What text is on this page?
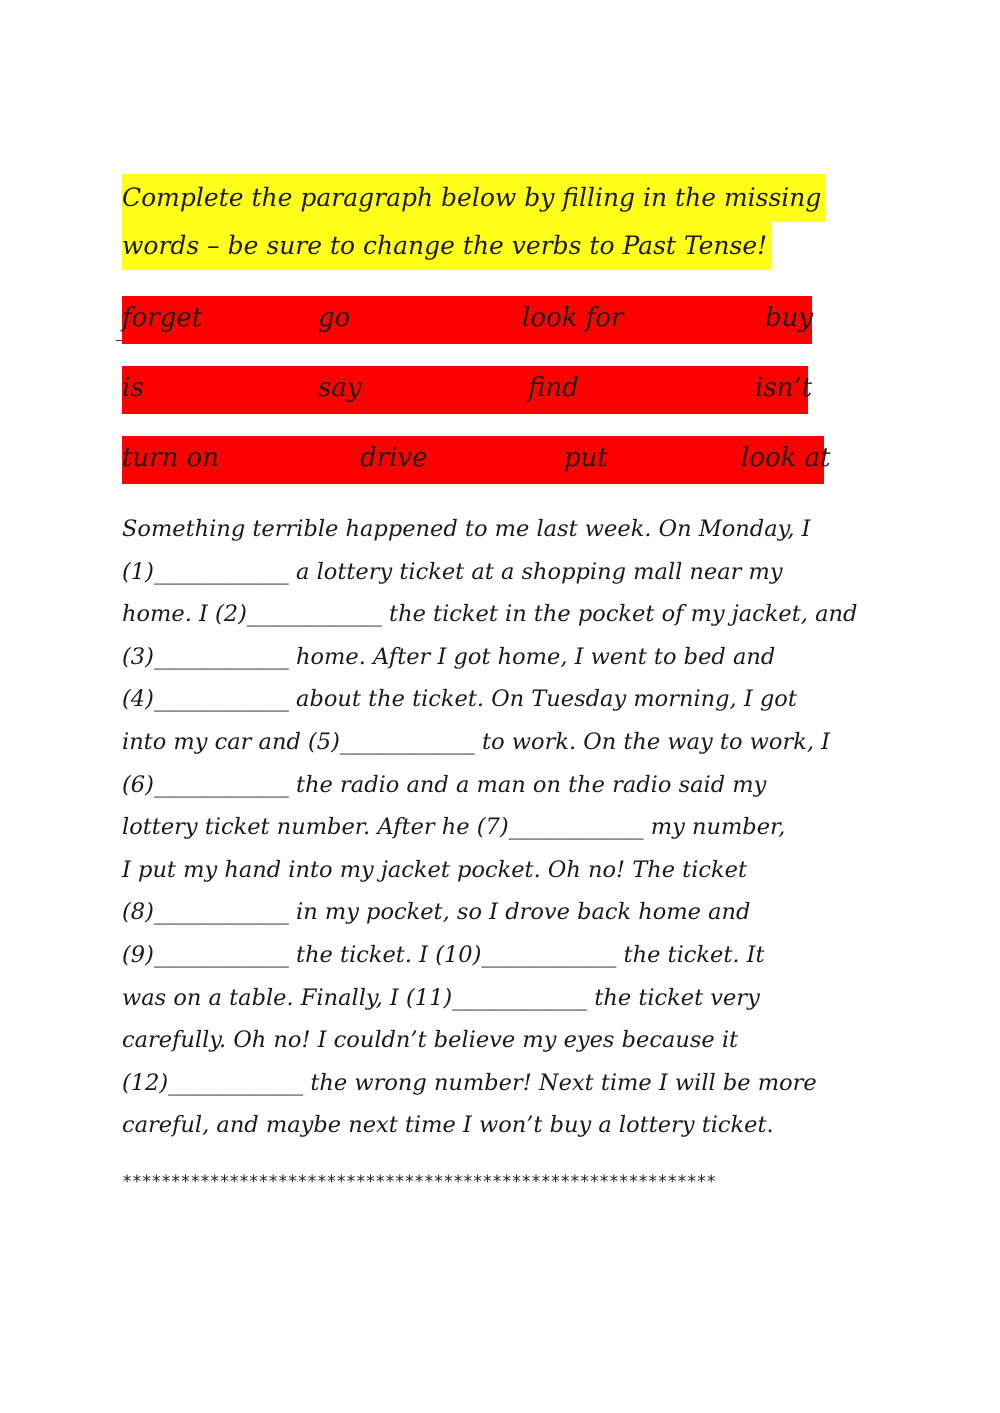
Complete the paragraph below by filling in the missing
words – be sure to change the verbs to Past Tense!
forget	go	look for	buy
is	say	find	isn’t
turn on	drive	put	look at
Something terrible happened to me last week. On Monday, I
(1)____________ a lottery ticket at a shopping mall near my
home. I (2)____________ the ticket in the pocket of my jacket, and
(3)____________ home. After I got home, I went to bed and
(4)____________ about the ticket. On Tuesday morning, I got
into my car and (5)____________ to work. On the way to work, I
(6)____________ the radio and a man on the radio said my
lottery ticket number. After he (7)____________ my number,
I put my hand into my jacket pocket. Oh no! The ticket
(8)____________ in my pocket, so I drove back home and
(9)____________ the ticket. I (10)____________ the ticket. It
was on a table. Finally, I (11)____________ the ticket very
carefully. Oh no! I couldn’t believe my eyes because it
(12)____________ the wrong number! Next time I will be more
careful, and maybe next time I won’t buy a lottery ticket.
*************************************************************
